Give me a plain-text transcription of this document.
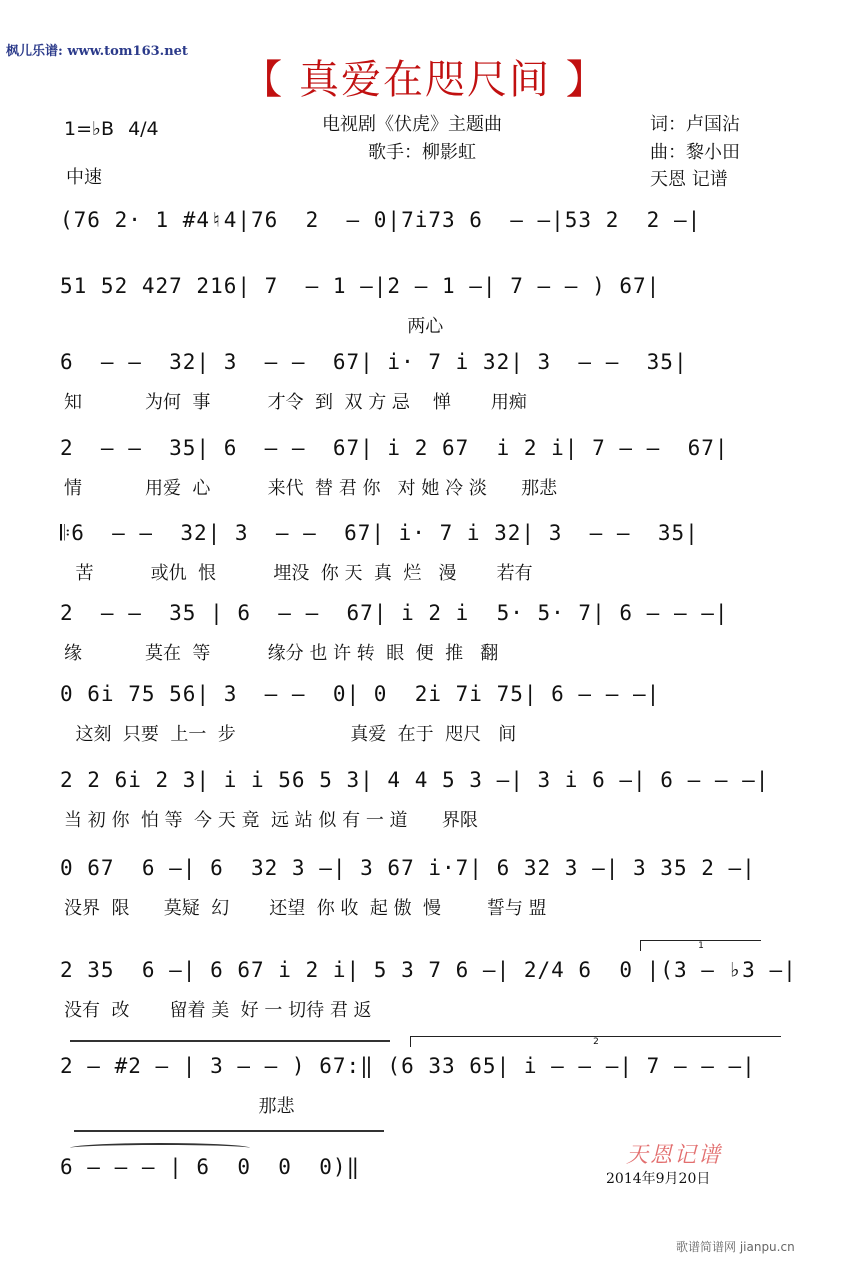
枫儿乐谱: www.tom163.net
【 真爱在咫尺间 】
电视剧《伏虎》主题曲
歌手：柳影虹
词：卢国沾
曲：黎小田
天恩 记谱
1=♭B 4/4
中速
(76 2· 1 #4♮4|76  2  — 0|7i73 6  — —|53 2  2 —|
51 52 427 216| 7  — 1 —|2 — 1 —| 7 — — ) 67|
两心
6  — —  32| 3  — —  67| i· 7 i 32| 3  — —  35|
知           为何  事          才令  到  双 方 忌    惮       用痴
2  — —  35| 6  — —  67| i 2 67  i 2 i| 7 — —  67|
情           用爱  心          来代  替 君 你   对 她 冷 淡      那悲
𝄆6  — —  32| 3  — —  67| i· 7 i 32| 3  — —  35|
苦          或仇  恨          埋没  你 天  真  烂   漫       若有
2  — —  35 | 6  — —  67| i 2 i  5· 5· 7| 6 — — —|
缘           莫在  等          缘分 也 许 转  眼  便  推   翻
0 6i 75 56| 3  — —  0| 0  2i 7i 75| 6 — — —|
这刻  只要  上一  步                    真爱  在于  咫尺   间
2 2 6i 2 3| i i 56 5 3| 4 4 5 3 —| 3 i 6 —| 6 — — —|
当 初 你  怕 等  今 天 竟  远 站 似 有 一 道      界限
0 67  6 —| 6  32 3 —| 3 67 i·7| 6 32 3 —| 3 35 2 —|
没界  限      莫疑  幻       还望  你 收  起 傲  慢        誓与 盟
1
2 35  6 —| 6 67 i 2 i| 5 3 7 6 —| 2/4 6  0 |(3 — ♭3 —|
没有  改       留着 美  好 一 切待 君 返
2
2 — #2 — | 3 — — ) 67:‖ (6 33 65| i — — —| 7 — — —|
那悲
6 — — — | 6  0  0  0)‖	天恩记谱
2014年9月20日
歌谱简谱网 jianpu.cn
